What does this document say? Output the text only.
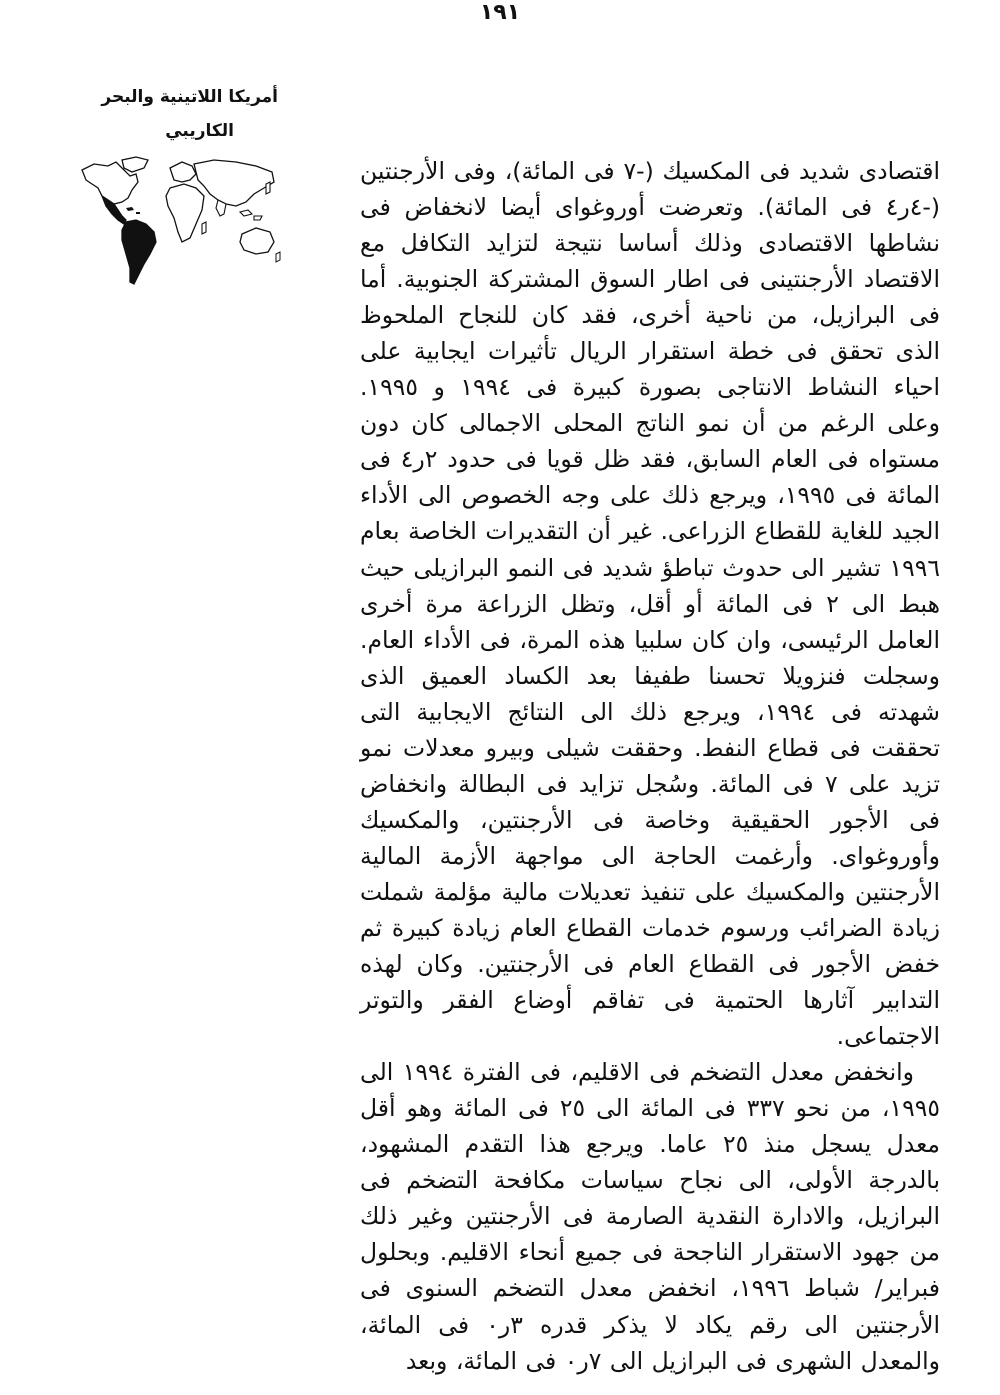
١٩١
أمريكا اللاتينية والبحر
الكاريبي

اقتصادى شديد فى المكسيك (-٧ فى المائة)، وفى الأرجنتين (-٤ر٤ فى المائة). وتعرضت أوروغواى أيضا لانخفاض فى نشاطها الاقتصادى وذلك أساسا نتيجة لتزايد التكافل مع الاقتصاد الأرجنتينى فى اطار السوق المشتركة الجنوبية. أما فى البرازيل، من ناحية أخرى، فقد كان للنجاح الملحوظ الذى تحقق فى خطة استقرار الريال تأثيرات ايجابية على احياء النشاط الانتاجى بصورة كبيرة فى ١٩٩٤ و ١٩٩٥. وعلى الرغم من أن نمو الناتج المحلى الاجمالى كان دون مستواه فى العام السابق، فقد ظل قويا فى حدود ٢ر٤ فى المائة فى ١٩٩٥، ويرجع ذلك على وجه الخصوص الى الأداء الجيد للغاية للقطاع الزراعى. غير أن التقديرات الخاصة بعام ١٩٩٦ تشير الى حدوث تباطؤ شديد فى النمو البرازيلى حيث هبط الى ٢ فى المائة أو أقل، وتظل الزراعة مرة أخرى العامل الرئيسى، وان كان سلبيا هذه المرة، فى الأداء العام. وسجلت فنزويلا تحسنا طفيفا بعد الكساد العميق الذى شهدته فى ١٩٩٤، ويرجع ذلك الى النتائج الايجابية التى تحققت فى قطاع النفط. وحققت شيلى وبيرو معدلات نمو تزيد على ٧ فى المائة. وسُجل تزايد فى البطالة وانخفاض فى الأجور الحقيقية وخاصة فى الأرجنتين، والمكسيك وأوروغواى. وأرغمت الحاجة الى مواجهة الأزمة المالية الأرجنتين والمكسيك على تنفيذ تعديلات مالية مؤلمة شملت زيادة الضرائب ورسوم خدمات القطاع العام زيادة كبيرة ثم خفض الأجور فى القطاع العام فى الأرجنتين. وكان لهذه التدابير آثارها الحتمية فى تفاقم أوضاع الفقر والتوتر الاجتماعى.

وانخفض معدل التضخم فى الاقليم، فى الفترة ١٩٩٤ الى ١٩٩٥، من نحو ٣٣٧ فى المائة الى ٢٥ فى المائة وهو أقل معدل يسجل منذ ٢٥ عاما. ويرجع هذا التقدم المشهود، بالدرجة الأولى، الى نجاح سياسات مكافحة التضخم فى البرازيل، والادارة النقدية الصارمة فى الأرجنتين وغير ذلك من جهود الاستقرار الناجحة فى جميع أنحاء الاقليم. وبحلول فبراير/ شباط ١٩٩٦، انخفض معدل التضخم السنوى فى الأرجنتين الى رقم يكاد لا يذكر قدره ٣ر٠ فى المائة، والمعدل الشهرى فى البرازيل الى ٧ر٠ فى المائة، وبعد
